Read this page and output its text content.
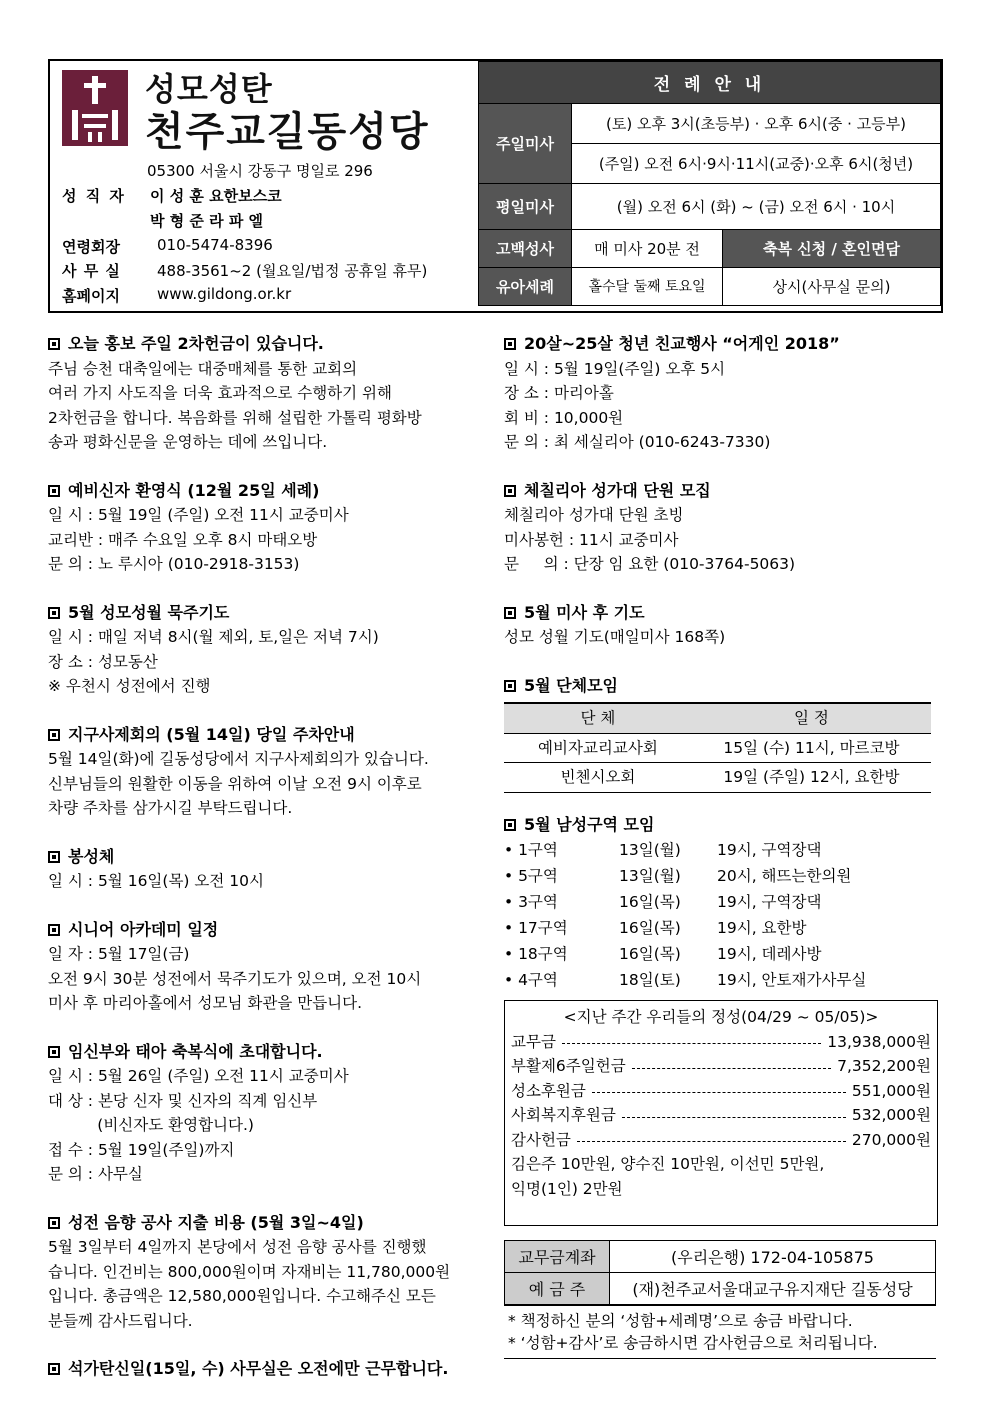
성모성탄
천주교길동성당
05300 서울시 강동구 명일로 296
성 직 자 이 성 훈 요한보스코
박 형 준 라 파 엘
연령회장 010-5474-8396
사 무 실 488-3561~2 (월요일/법정 공휴일 휴무)
홈페이지 www.gildong.or.kr
전 례 안 내		
주일미사	(토) 오후 3시(초등부) · 오후 6시(중 · 고등부)	
	(주일) 오전 6시·9시·11시(교중)·오후 6시(청년)	
평일미사	(월) 오전 6시 (화) ~ (금) 오전 6시 · 10시	
고백성사	매 미사 20분 전	축복 신청 / 혼인면담
유아세례	홀수달 둘째 토요일	상시(사무실 문의)
오늘 홍보 주일 2차헌금이 있습니다.

주님 승천 대축일에는 대중매체를 통한 교회의

여러 가지 사도직을 더욱 효과적으로 수행하기 위해

2차헌금을 합니다. 복음화를 위해 설립한 가톨릭 평화방

송과 평화신문을 운영하는 데에 쓰입니다.

예비신자 환영식 (12월 25일 세례)

일 시 : 5월 19일 (주일) 오전 11시 교중미사

교리반 : 매주 수요일 오후 8시 마태오방

문 의 : 노 루시아 (010-2918-3153)

5월 성모성월 묵주기도

일 시 : 매일 저녁 8시(월 제외, 토,일은 저녁 7시)

장 소 : 성모동산

※ 우천시 성전에서 진행

지구사제회의 (5월 14일) 당일 주차안내

5월 14일(화)에 길동성당에서 지구사제회의가 있습니다.

신부님들의 원활한 이동을 위하여 이날 오전 9시 이후로

차량 주차를 삼가시길 부탁드립니다.

봉성체

일 시 : 5월 16일(목) 오전 10시

시니어 아카데미 일정

일 자 : 5월 17일(금)

오전 9시 30분 성전에서 묵주기도가 있으며, 오전 10시

미사 후 마리아홀에서 성모님 화관을 만듭니다.

임신부와 태아 축복식에 초대합니다.

일 시 : 5월 26일 (주일) 오전 11시 교중미사

대 상 : 본당 신자 및 신자의 직계 임신부

(비신자도 환영합니다.)

접 수 : 5월 19일(주일)까지

문 의 : 사무실

성전 음향 공사 지출 비용 (5월 3일~4일)

5월 3일부터 4일까지 본당에서 성전 음향 공사를 진행했

습니다. 인건비는 800,000원이며 자재비는 11,780,000원

입니다. 총금액은 12,580,000원입니다. 수고해주신 모든

분들께 감사드립니다.

석가탄신일(15일, 수) 사무실은 오전에만 근무합니다.
20살~25살 청년 친교행사 “어게인 2018”

일 시 : 5월 19일(주일) 오후 5시

장 소 : 마리아홀

회 비 : 10,000원

문 의 : 최 세실리아 (010-6243-7330)

체칠리아 성가대 단원 모집

체칠리아 성가대 단원 초빙

미사봉헌 : 11시 교중미사

문     의 : 단장 임 요한 (010-3764-5063)

5월 미사 후 기도

성모 성월 기도(매일미사 168쪽)

5월 단체모임
단 체	일 정
예비자교리교사회	15일 (수) 11시, 마르코방
빈첸시오회	19일 (주일) 12시, 요한방
5월 남성구역 모임
• 1구역	13일(월)	19시, 구역장댁
• 5구역	13일(월)	20시, 해뜨는한의원
• 3구역	16일(목)	19시, 구역장댁
• 17구역	16일(목)	19시, 요한방
• 18구역	16일(목)	19시, 데레사방
• 4구역	18일(토)	19시, 안토재가사무실
<지난 주간 우리들의 정성(04/29 ~ 05/05)>
교무금	13,938,000원
부활제6주일헌금	7,352,200원
성소후원금	551,000원
사회복지후원금	532,000원
감사헌금	270,000원
김은주 10만원, 양수진 10만원, 이선민 5만원,
익명(1인) 2만원
교무금계좌	(우리은행) 172-04-105875
예 금 주	(재)천주교서울대교구유지재단 길동성당
* 책정하신 분의 ‘성함+세례명’으로 송금 바랍니다.
* ‘성함+감사’로 송금하시면 감사헌금으로 처리됩니다.
